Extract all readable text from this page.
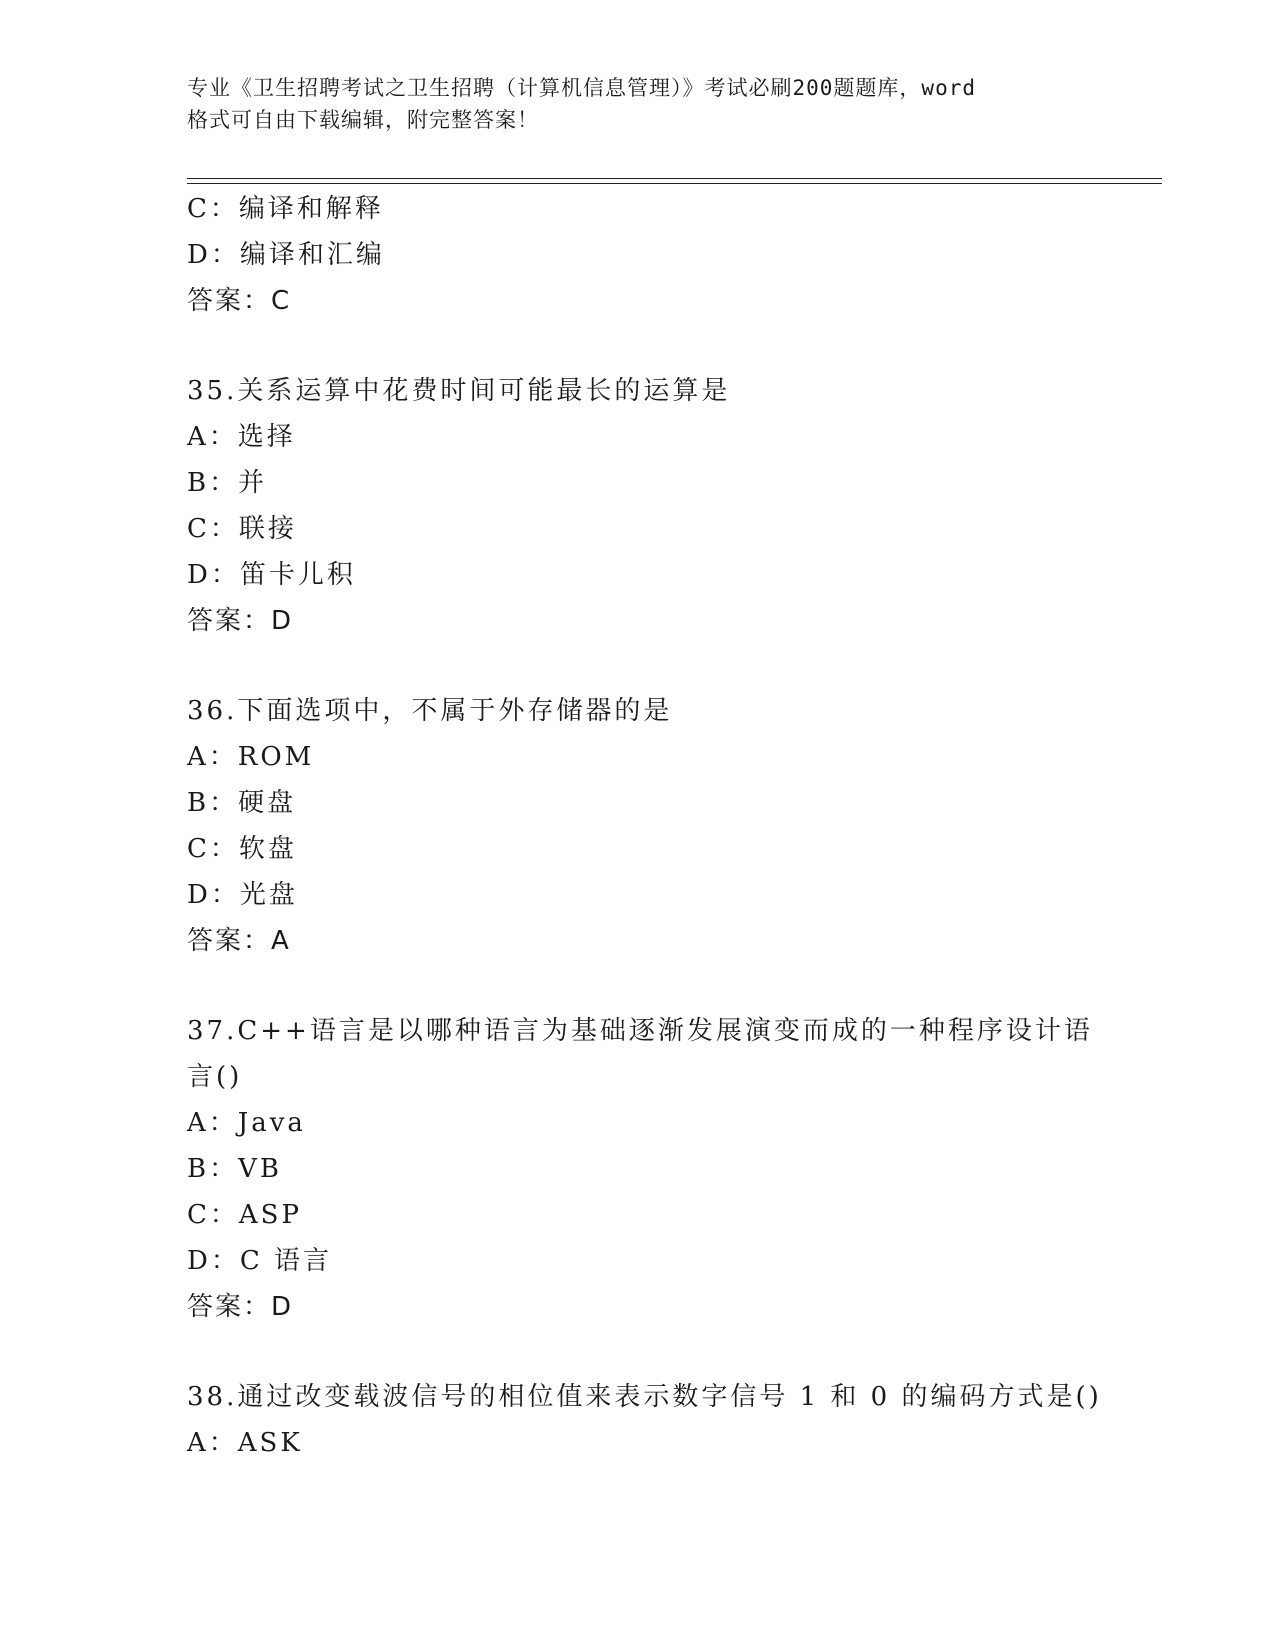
专业《卫生招聘考试之卫生招聘（计算机信息管理）》考试必刷200题题库，word
格式可自由下载编辑，附完整答案！
C：编译和解释
D：编译和汇编
答案：C
35.关系运算中花费时间可能最长的运算是
A：选择
B：并
C：联接
D：笛卡儿积
答案：D
36.下面选项中，不属于外存储器的是
A：ROM
B：硬盘
C：软盘
D：光盘
答案：A
37.C++语言是以哪种语言为基础逐渐发展演变而成的一种程序设计语
言()
A：Java
B：VB
C：ASP
D：C 语言
答案：D
38.通过改变载波信号的相位值来表示数字信号 1 和 0 的编码方式是()
A：ASK
